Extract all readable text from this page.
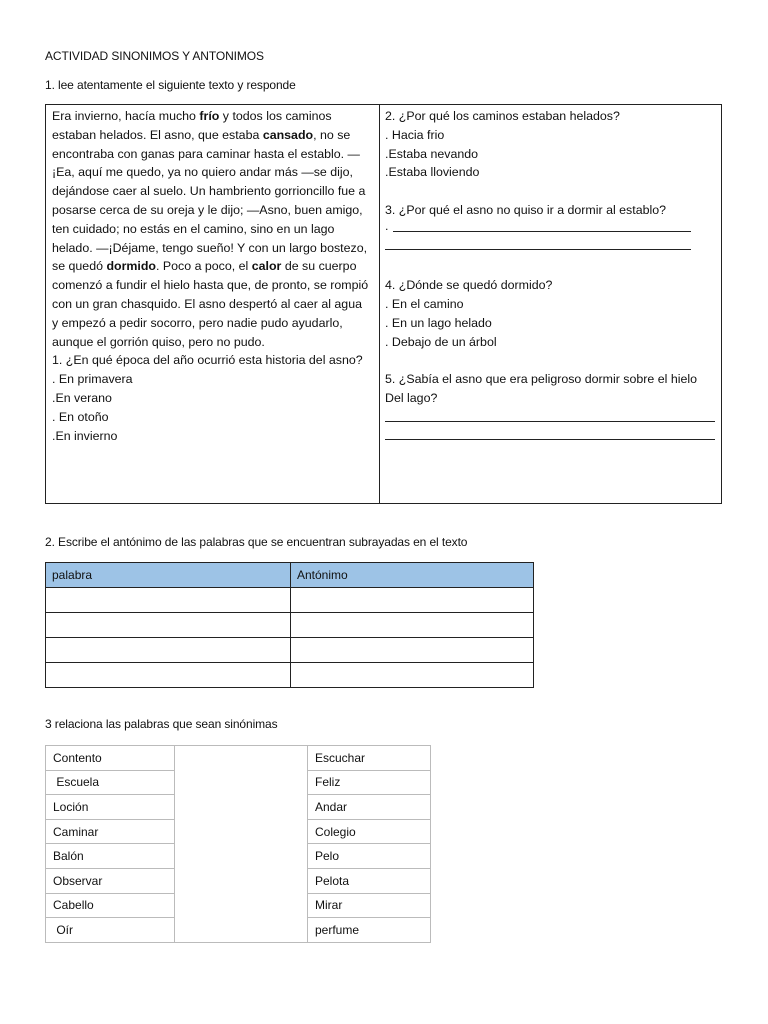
ACTIVIDAD SINONIMOS Y ANTONIMOS
1. lee atentamente el siguiente texto y responde

Era invierno, hacía mucho frío y todos los caminos estaban helados. El asno, que estaba cansado, no se encontraba con ganas para caminar hasta el establo. —¡Ea, aquí me quedo, ya no quiero andar más —se dijo, dejándose caer al suelo. Un hambriento gorrioncillo fue a posarse cerca de su oreja y le dijo; —Asno, buen amigo, ten cuidado; no estás en el camino, sino en un lago helado. —¡Déjame, tengo sueño! Y con un largo bostezo, se quedó dormido. Poco a poco, el calor de su cuerpo comenzó a fundir el hielo hasta que, de pronto, se rompió con un gran chasquido. El asno despertó al caer al agua y empezó a pedir socorro, pero nadie pudo ayudarlo, aunque el gorrión quiso, pero no pudo.

1. ¿En qué época del año ocurrió esta historia del asno?

. En primavera

.En verano

. En otoño

.En invierno

2. ¿Por qué los caminos estaban helados?

. Hacia frio

.Estaba nevando

.Estaba lloviendo

3. ¿Por qué el asno no quiso ir a dormir al establo?

.

4. ¿Dónde se quedó dormido?

. En el camino

. En un lago helado

. Debajo de un árbol

5. ¿Sabía el asno que era peligroso dormir sobre el hielo

Del lago?

2. Escribe el antónimo de las palabras que se encuentran subrayadas en el texto
palabra	Antónimo

3 relaciona las palabras que sean sinónimas
Contento		Escuchar
Escuela		Feliz
Loción		Andar
Caminar		Colegio
Balón		Pelo
Observar		Pelota
Cabello		Mirar
Oír		perfume
